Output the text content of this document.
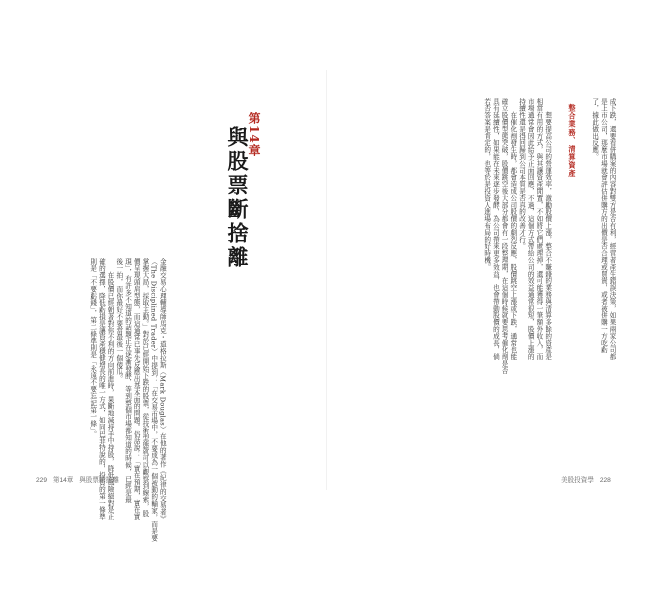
金融交易心理輔導師馬克・道格拉斯（Mark Douglas）在他的著作《紀律的交易者》
（The Disciplined Trader）中提到：「在交易市場中，不要成為一個被動的輸家，而是要
掌握大局，採取主動。」對於已經開始下跌的股票，從技術型態就可以觀察到線索，股
價呈現頭肩型態，而這通常已事先反應出基本面的問題。俗話說：「實在預期，實在實
現」，有許多不知道的話題正在逐漸發酵，等到整個市場都知道的時候，已經是最
後一拍，而你最好不要當最後一個傻瓜。
　　在股價已經朝著對你不利的方向前進時，果斷地減持手中持股，降低風險絕對是正
確的選擇，降低虧損是讓資產穩健增長的唯一方式，如同巴菲特說的，投資的第一條準
則是「不要虧錢」，第二條準則是「永遠不要忘記第一條」。
第14章
與股票斷捨離
229 第14章 與股票斷捨離
成下跌，還要看併購案的內容對雙方是否有利，經营者產生錯誤決策，如果兩家公司都
是上市公司，那麼市場就會評估併購方的出價是否合理或買貴，或者被併購一方吃虧
了，據此做出反應。
整合業務、清算資產
　　想要提高公司的營運效率，激勵股價上漲，整合不賺錢的業務與清算多餘的資產是
相當有用的方式，與其讓資產閒置，不如將它們處理掉，還可能獲得一筆額外收入，而
市場通常會因此給予正面回應，不過，這個方式帶給公司的效益通常很短，股價上漲的
持續性還是得回歸到公司本質是否真的改善才行。
　　在催化劑發生時，都會造成公司股價的劇烈反應，股價跳空上漲或下跌，通常也能
確立股價型態突破，股價跳空後大部分都會有一段整理期，在這個時候就要思考催化劑是否
具有延續性，如果能在未來逐步發酵，為公司帶來更多效益，也會帶動股價的成長，倘
若否答案是肯定的，也等於是投資人進場布局的好時機。
美股投資學 228
